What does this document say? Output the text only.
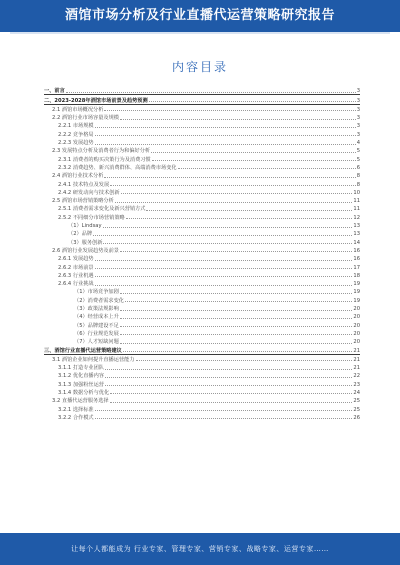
酒馆市场分析及行业直播代运营策略研究报告
内容目录
一、前言	3
二、2023-2028年酒馆市场前景及趋势预测	3
2.1 酒馆市场概况分析	3
2.2 酒馆行业市场容量及规模	3
2.2.1 市场规模	3
2.2.2 竞争格局	3
2.2.3 发展趋势	4
2.3 发展特点分析及消费者行为和偏好分析	5
2.3.1 消费者的购买决策行为及消费习惯	5
2.3.2 消费趋势、新兴消费群体、高端消费市场变化	6
2.4 酒馆行业技术分析	8
2.4.1 技术特点及发展	8
2.4.2 研发动向与技术创新	10
2.5 酒馆市场营销策略分析	11
2.5.1 消费者需求变化及新兴营销方式	11
2.5.2 不同细分市场营销策略	12
（1）Lindsay	13
（2）品牌	13
（3）服务创新	14
2.6 酒馆行业发展趋势及前景	16
2.6.1 发展趋势	16
2.6.2 市场前景	17
2.6.3 行业机遇	18
2.6.4 行业挑战	19
（1）市场竞争加剧	19
（2）消费者需求变化	19
（3）政策法规影响	20
（4）经营成本上升	20
（5）品牌建设不足	20
（6）行业规范发展	20
（7）人才短缺问题	20
三、酒馆行业直播代运营策略建议	21
3.1 酒馆企业如何提升直播运营能力	21
3.1.1 打造专业团队	21
3.1.2 优化直播内容	22
3.1.3 加强粉丝运营	23
3.1.4 数据分析与优化	24
3.2 直播代运营服务选择	25
3.2.1 选择标准	25
3.2.2 合作模式	26
让每个人都能成为 行业专家、管理专家、营销专家、战略专家、运营专家……
